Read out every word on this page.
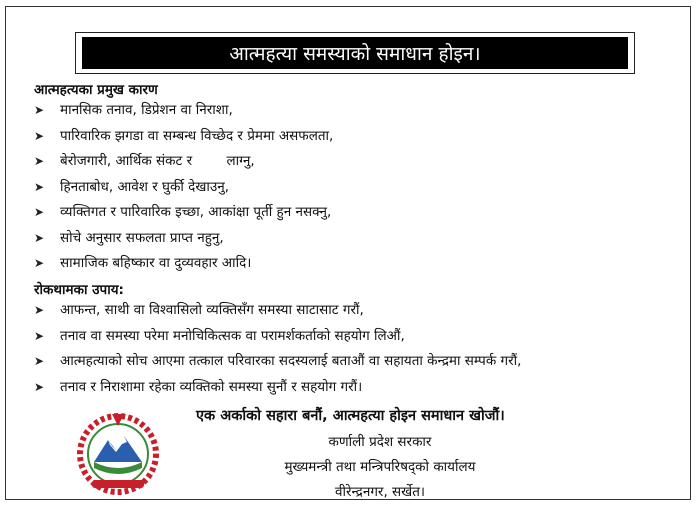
आत्महत्या समस्याको समाधान होइन।
आत्महत्यका प्रमुख कारण
➤ मानसिक तनाव, डिप्रेशन वा निराशा,
➤ पारिवारिक झगडा वा सम्बन्ध विच्छेद र प्रेममा असफलता,
➤ बेरोजगारी, आर्थिक संकट र        लाग्नु,
➤ हिनताबोध, आवेश र घुर्की देखाउनु,
➤ व्यक्तिगत र पारिवारिक इच्छा, आकांक्षा पूर्ती हुन नसक्नु,
➤ सोचे अनुसार सफलता प्राप्त नहुनु,
➤ सामाजिक बहिष्कार वा दुव्यवहार आदि।
रोकथामका उपाय:
➤ आफन्त, साथी वा विश्वासिलो व्यक्तिसँग समस्या साटासाट गरौं,
➤ तनाव वा समस्या परेमा मनोचिकित्सक वा परामर्शकर्ताको सहयोग लिऔं,
➤ आत्महत्याको सोच आएमा तत्काल परिवारका सदस्यलाई बताऔं वा सहायता केन्द्रमा सम्पर्क गरौं,
➤ तनाव र निराशामा रहेका व्यक्तिको समस्या सुनौं र सहयोग गरौं।
एक अर्काको सहारा बनौं, आत्महत्या होइन समाधान खोजौं।
कर्णाली प्रदेश सरकार
मुख्यमन्त्री तथा मन्त्रिपरिषद्को कार्यालय
वीरेन्द्रनगर, सर्खेत।
